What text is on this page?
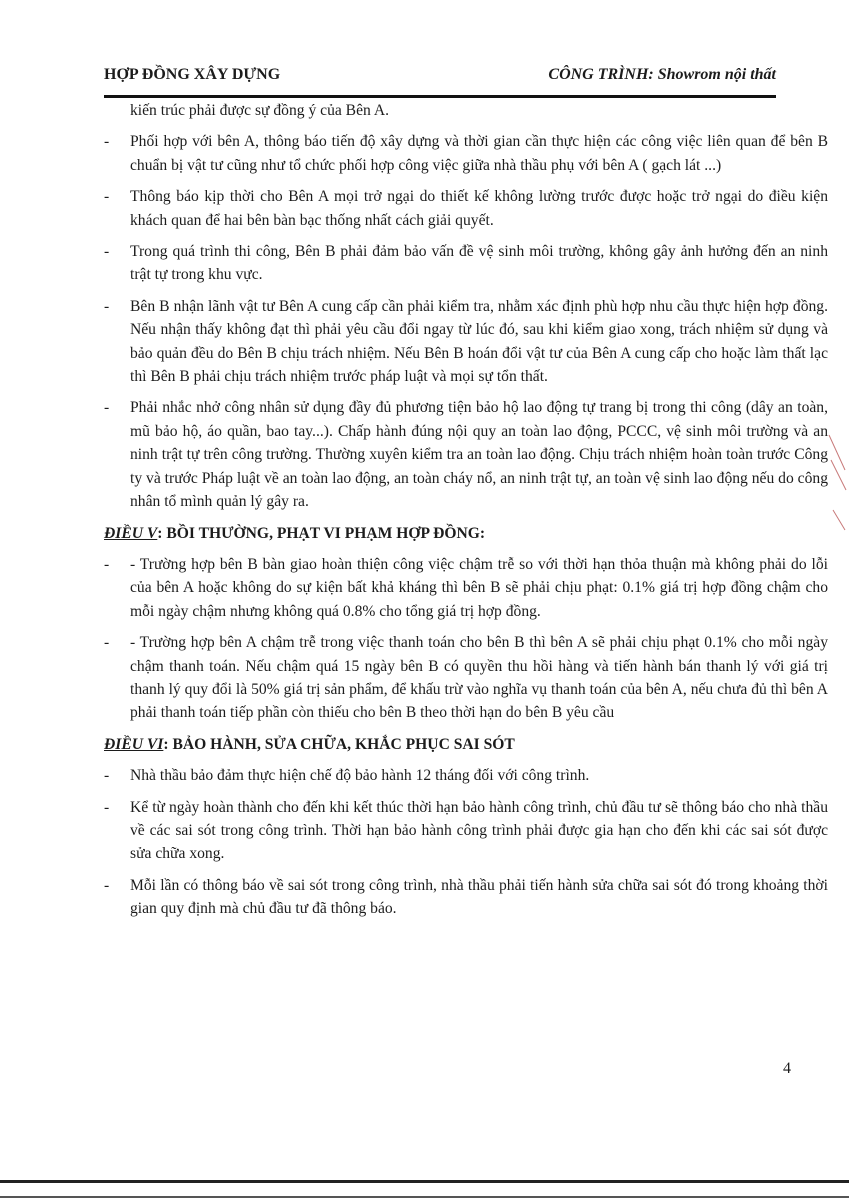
HỢP ĐỒNG XÂY DỰNG	CÔNG TRÌNH: Showrom nội thất
kiến trúc phải được sự đồng ý của Bên A.
- Phối hợp với bên A, thông báo tiến độ xây dựng và thời gian cần thực hiện các công việc liên quan để bên B chuẩn bị vật tư cũng như tổ chức phối hợp công việc giữa nhà thầu phụ với bên A ( gạch lát ...)
- Thông báo kịp thời cho Bên A mọi trở ngại do thiết kế không lường trước được hoặc trở ngại do điều kiện khách quan để hai bên bàn bạc thống nhất cách giải quyết.
- Trong quá trình thi công, Bên B phải đảm bảo vấn đề vệ sinh môi trường, không gây ảnh hưởng đến an ninh trật tự trong khu vực.
- Bên B nhận lãnh vật tư Bên A cung cấp cần phải kiểm tra, nhằm xác định phù hợp nhu cầu thực hiện hợp đồng. Nếu nhận thấy không đạt thì phải yêu cầu đổi ngay từ lúc đó, sau khi kiểm giao xong, trách nhiệm sử dụng và bảo quản đều do Bên B chịu trách nhiệm. Nếu Bên B hoán đổi vật tư của Bên A cung cấp cho hoặc làm thất lạc thì Bên B phải chịu trách nhiệm trước pháp luật và mọi sự tổn thất.
- Phải nhắc nhở công nhân sử dụng đầy đủ phương tiện bảo hộ lao động tự trang bị trong thi công (dây an toàn, mũ bảo hộ, áo quần, bao tay...). Chấp hành đúng nội quy an toàn lao động, PCCC, vệ sinh môi trường và an ninh trật tự trên công trường. Thường xuyên kiểm tra an toàn lao động. Chịu trách nhiệm hoàn toàn trước Công ty và trước Pháp luật về an toàn lao động, an toàn cháy nổ, an ninh trật tự, an toàn vệ sinh lao động nếu do công nhân tổ mình quản lý gây ra.
ĐIỀU V: BỒI THƯỜNG, PHẠT VI PHẠM HỢP ĐỒNG:
- - Trường hợp bên B bàn giao hoàn thiện công việc chậm trễ so với thời hạn thỏa thuận mà không phải do lỗi của bên A hoặc không do sự kiện bất khả kháng thì bên B sẽ phải chịu phạt: 0.1% giá trị hợp đồng chậm cho mỗi ngày chậm nhưng không quá 0.8% cho tổng giá trị hợp đồng.
- - Trường hợp bên A chậm trễ trong việc thanh toán cho bên B thì bên A sẽ phải chịu phạt 0.1% cho mỗi ngày chậm thanh toán. Nếu chậm quá 15 ngày bên B có quyền thu hồi hàng và tiến hành bán thanh lý với giá trị thanh lý quy đổi là 50% giá trị sản phẩm, để khấu trừ vào nghĩa vụ thanh toán của bên A, nếu chưa đủ thì bên A phải thanh toán tiếp phần còn thiếu cho bên B theo thời hạn do bên B yêu cầu
ĐIỀU VI: BẢO HÀNH, SỬA CHỮA, KHẮC PHỤC SAI SÓT
- Nhà thầu bảo đảm thực hiện chế độ bảo hành 12 tháng đối với công trình.
- Kể từ ngày hoàn thành cho đến khi kết thúc thời hạn bảo hành công trình, chủ đầu tư sẽ thông báo cho nhà thầu về các sai sót trong công trình. Thời hạn bảo hành công trình phải được gia hạn cho đến khi các sai sót được sửa chữa xong.
- Mỗi lần có thông báo về sai sót trong công trình, nhà thầu phải tiến hành sửa chữa sai sót đó trong khoảng thời gian quy định mà chủ đầu tư đã thông báo.
4
